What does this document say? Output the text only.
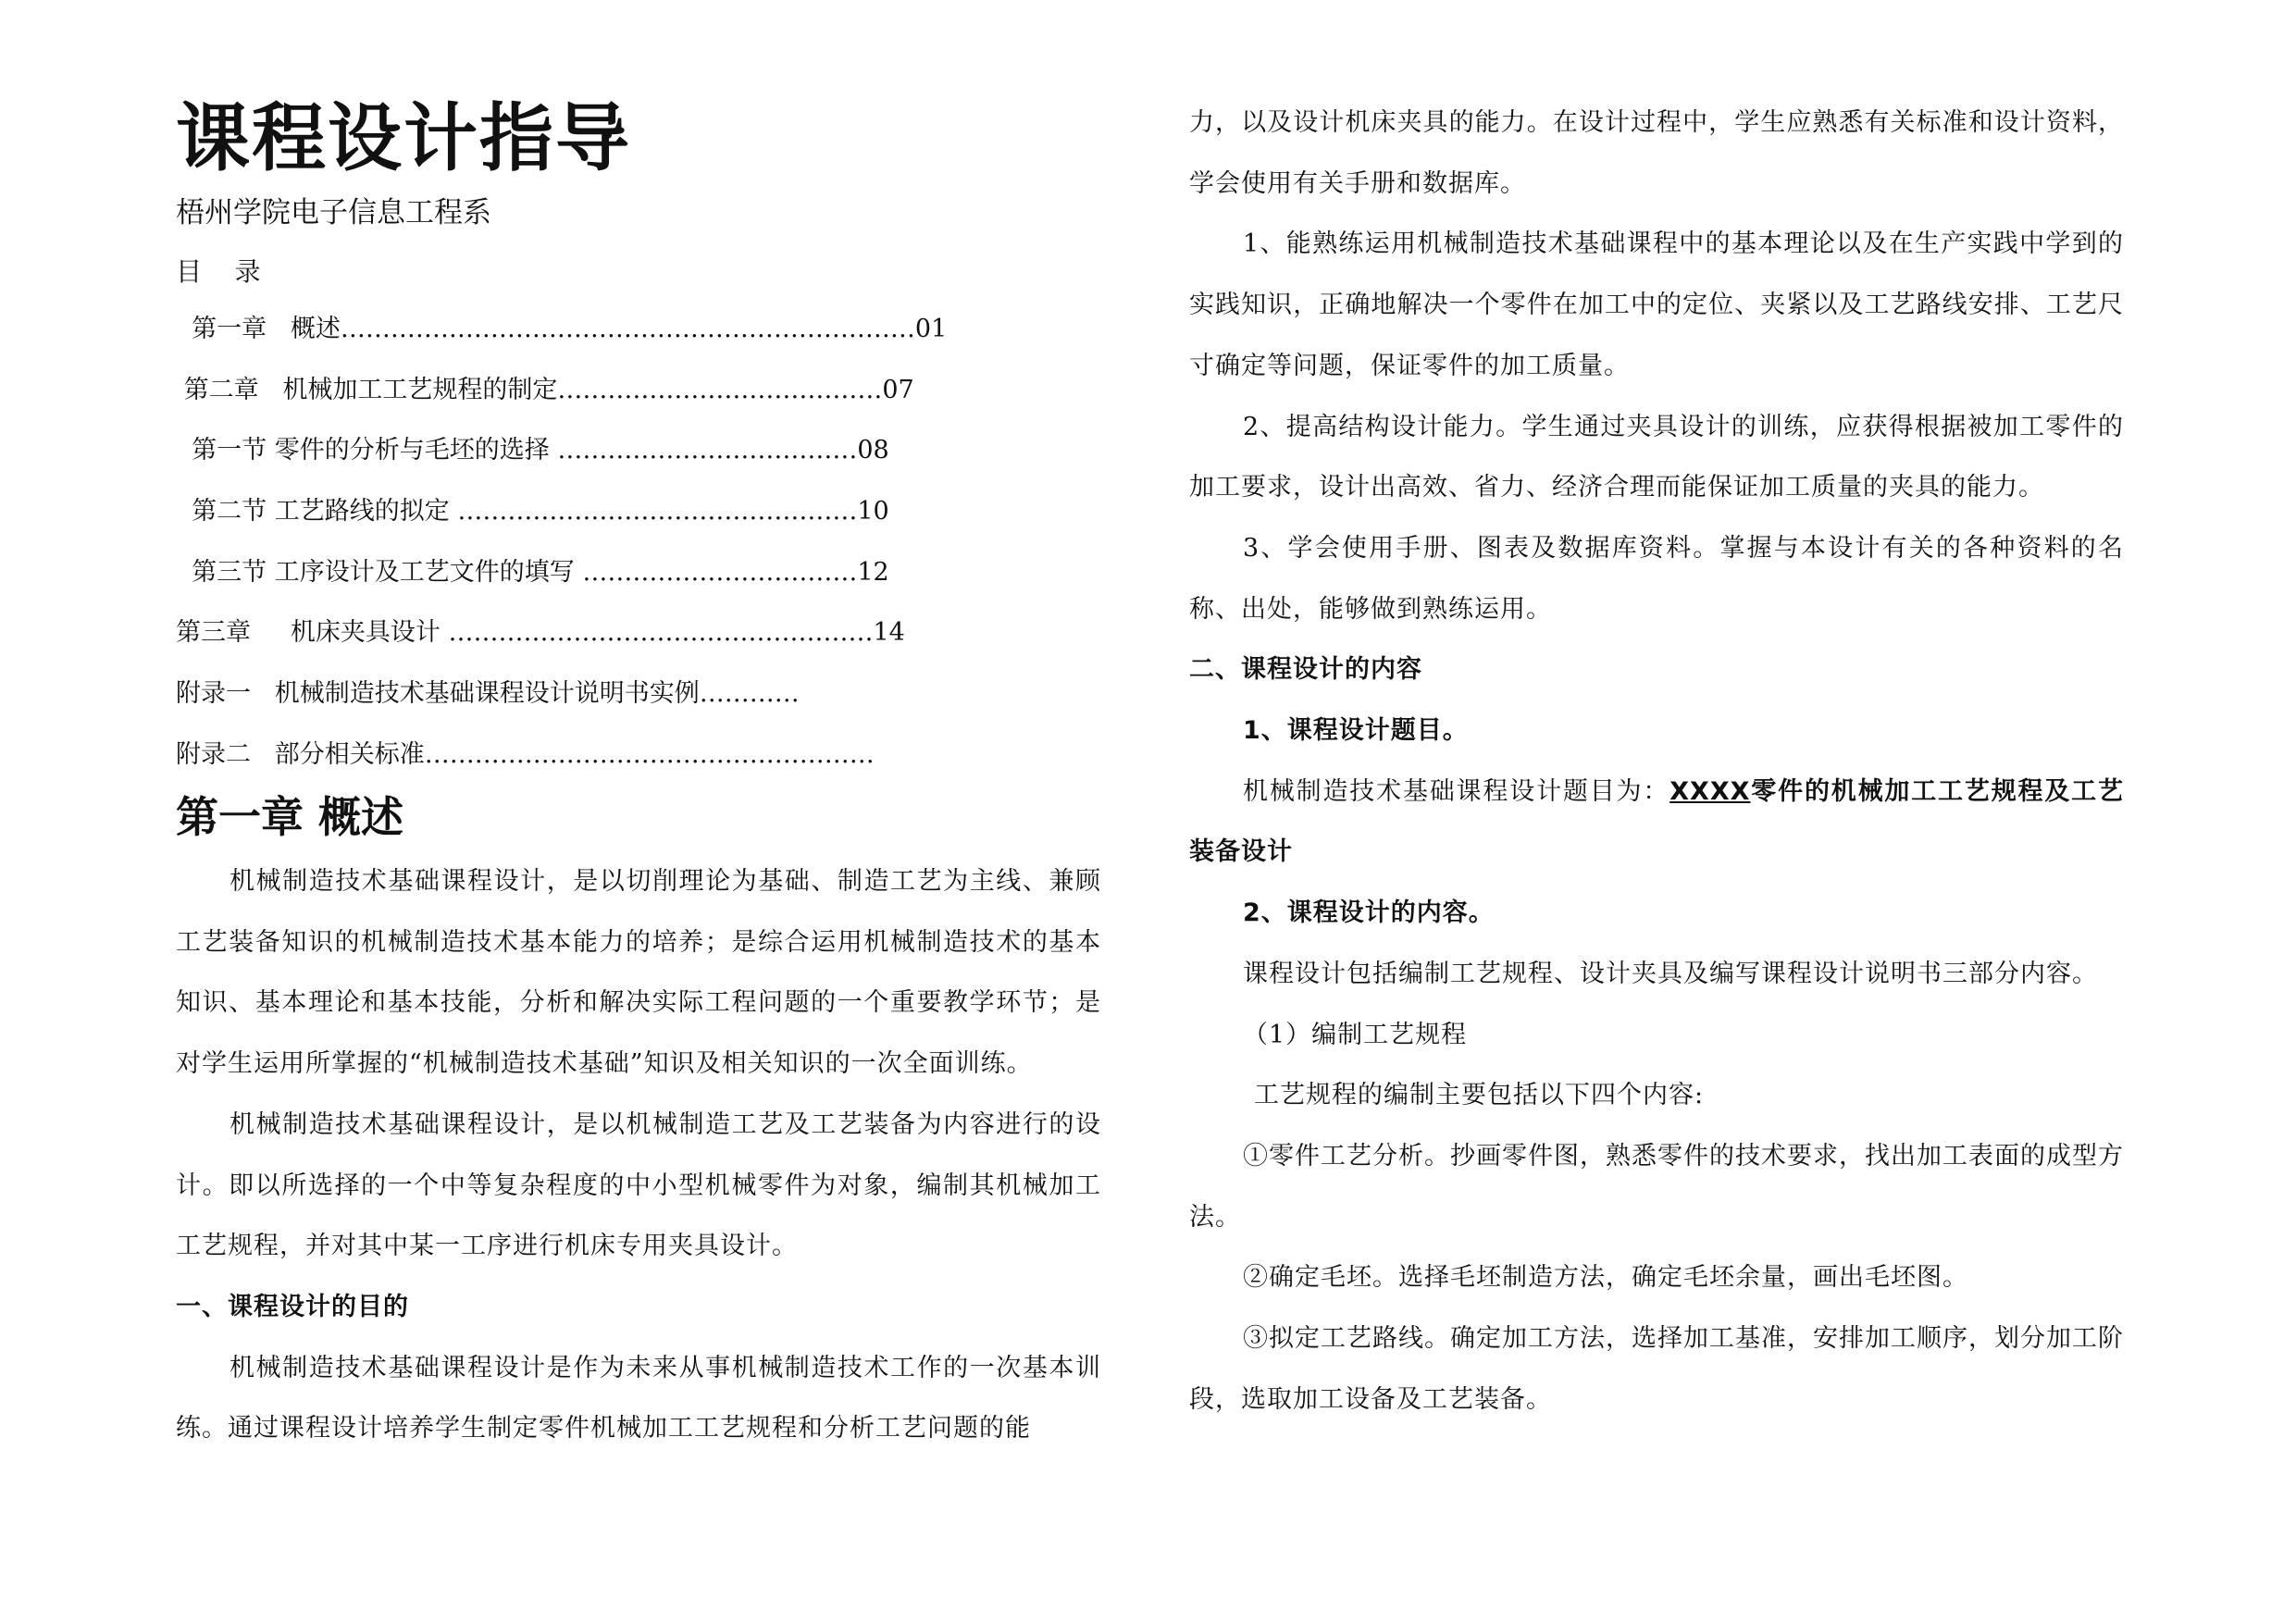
课程设计指导
梧州学院电子信息工程系
目    录
第一章   概述……………………………………………………………01
第二章   机械加工工艺规程的制定…………………………………07
第一节 零件的分析与毛坯的选择 ………………………………08
第二节 工艺路线的拟定 …………………………………………10
第三节 工序设计及工艺文件的填写 ……………………………12
第三章     机床夹具设计 ……………………………………………14
附录一   机械制造技术基础课程设计说明书实例…………
附录二   部分相关标准………………………………………………
第一章 概述

机械制造技术基础课程设计，是以切削理论为基础、制造工艺为主线、兼顾工艺装备知识的机械制造技术基本能力的培养；是综合运用机械制造技术的基本知识、基本理论和基本技能，分析和解决实际工程问题的一个重要教学环节；是对学生运用所掌握的“机械制造技术基础”知识及相关知识的一次全面训练。

机械制造技术基础课程设计，是以机械制造工艺及工艺装备为内容进行的设计。即以所选择的一个中等复杂程度的中小型机械零件为对象，编制其机械加工工艺规程，并对其中某一工序进行机床专用夹具设计。

一、课程设计的目的

机械制造技术基础课程设计是作为未来从事机械制造技术工作的一次基本训练。通过课程设计培养学生制定零件机械加工工艺规程和分析工艺问题的能

力，以及设计机床夹具的能力。在设计过程中，学生应熟悉有关标准和设计资料，学会使用有关手册和数据库。

1、能熟练运用机械制造技术基础课程中的基本理论以及在生产实践中学到的实践知识，正确地解决一个零件在加工中的定位、夹紧以及工艺路线安排、工艺尺寸确定等问题，保证零件的加工质量。

2、提高结构设计能力。学生通过夹具设计的训练，应获得根据被加工零件的加工要求，设计出高效、省力、经济合理而能保证加工质量的夹具的能力。

3、学会使用手册、图表及数据库资料。掌握与本设计有关的各种资料的名称、出处，能够做到熟练运用。

二、课程设计的内容

1、课程设计题目。

机械制造技术基础课程设计题目为：XXXX零件的机械加工工艺规程及工艺装备设计

2、课程设计的内容。

课程设计包括编制工艺规程、设计夹具及编写课程设计说明书三部分内容。

（1）编制工艺规程

工艺规程的编制主要包括以下四个内容:

①零件工艺分析。抄画零件图，熟悉零件的技术要求，找出加工表面的成型方法。

②确定毛坯。选择毛坯制造方法，确定毛坯余量，画出毛坯图。

③拟定工艺路线。确定加工方法，选择加工基准，安排加工顺序，划分加工阶段，选取加工设备及工艺装备。
